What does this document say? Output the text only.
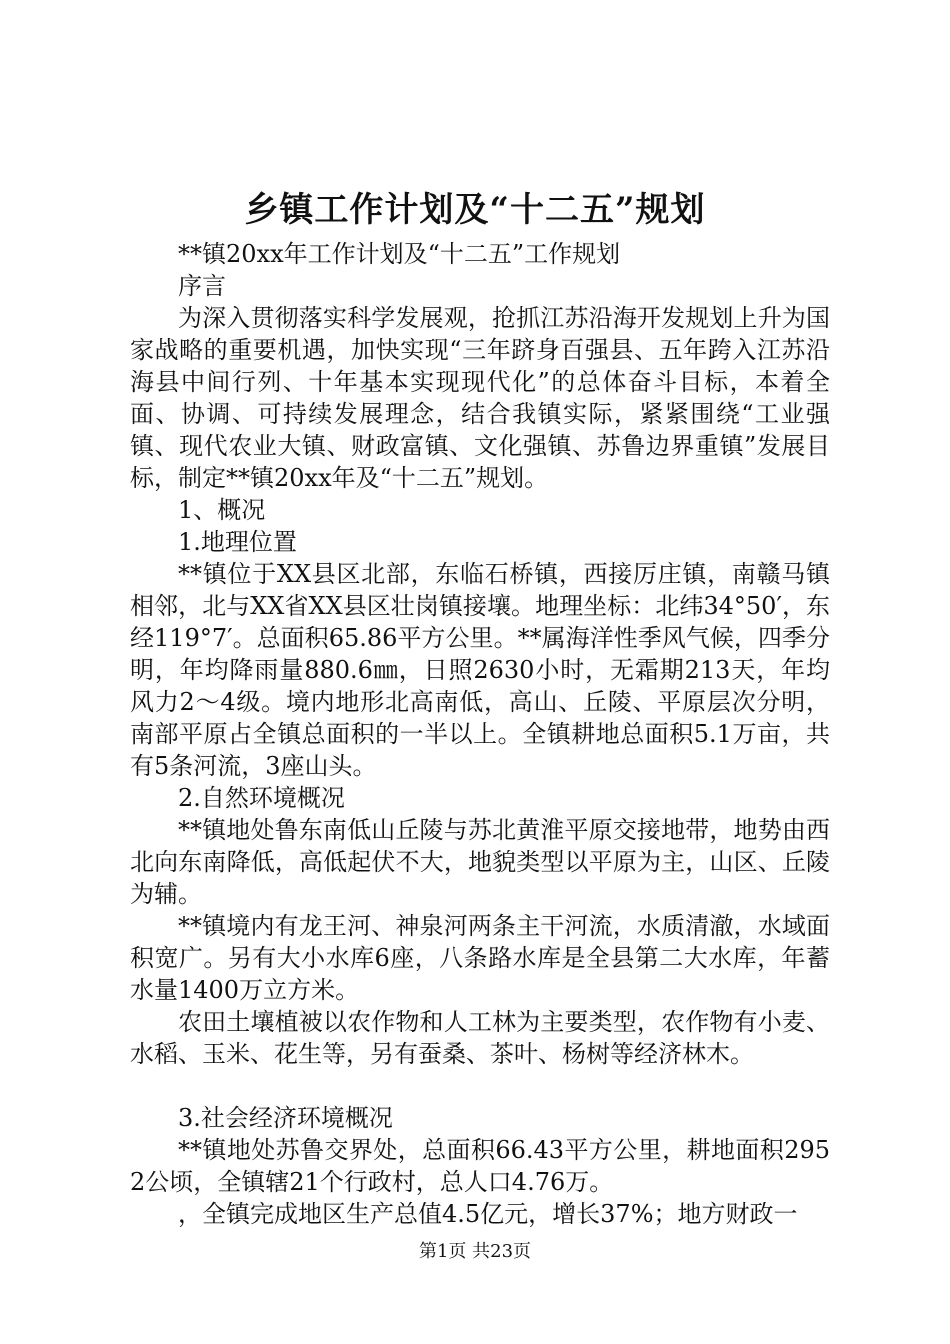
乡镇工作计划及“十二五”规划

**镇20xx年工作计划及“十二五”工作规划

序言

为深入贯彻落实科学发展观，抢抓江苏沿海开发规划上升为国家战略的重要机遇，加快实现“三年跻身百强县、五年跨入江苏沿海县中间行列、十年基本实现现代化”的总体奋斗目标，本着全面、协调、可持续发展理念，结合我镇实际，紧紧围绕“工业强镇、现代农业大镇、财政富镇、文化强镇、苏鲁边界重镇”发展目标，制定**镇20xx年及“十二五”规划。

1、概况

1.地理位置

**镇位于XX县区北部，东临石桥镇，西接厉庄镇，南赣马镇相邻，北与XX省XX县区壮岗镇接壤。地理坐标：北纬34°50′，东经119°7′。总面积65.86平方公里。**属海洋性季风气候，四季分明，年均降雨量880.6㎜，日照2630小时，无霜期213天，年均风力2～4级。境内地形北高南低，高山、丘陵、平原层次分明，南部平原占全镇总面积的一半以上。全镇耕地总面积5.1万亩，共有5条河流，3座山头。

2.自然环境概况

**镇地处鲁东南低山丘陵与苏北黄淮平原交接地带，地势由西北向东南降低，高低起伏不大，地貌类型以平原为主，山区、丘陵为辅。

**镇境内有龙王河、神泉河两条主干河流，水质清澈，水域面积宽广。另有大小水库6座，八条路水库是全县第二大水库，年蓄水量1400万立方米。

农田土壤植被以农作物和人工林为主要类型，农作物有小麦、水稻、玉米、花生等，另有蚕桑、茶叶、杨树等经济林木。

3.社会经济环境概况

**镇地处苏鲁交界处，总面积66.43平方公里，耕地面积2952公顷，全镇辖21个行政村，总人口4.76万。

，全镇完成地区生产总值4.5亿元，增长37%；地方财政一

第1页 共23页
